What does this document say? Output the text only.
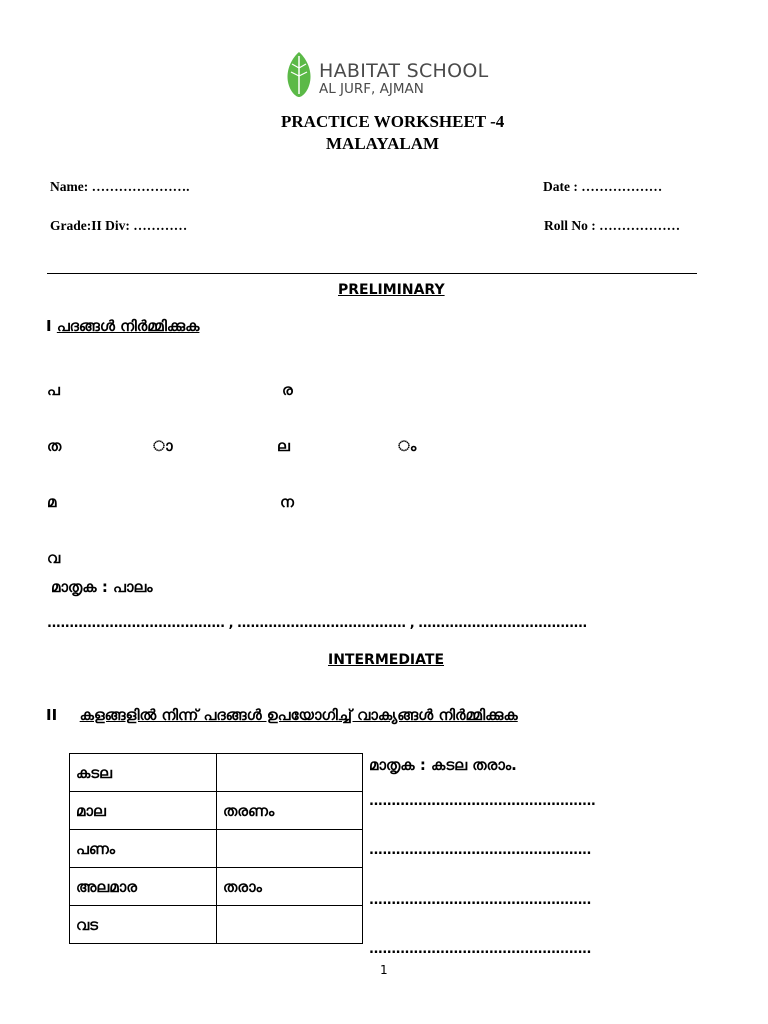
HABITAT SCHOOL
AL JURF, AJMAN
PRACTICE WORKSHEET -4
MALAYALAM
Name: ………………….	Date : ………………
Grade:II Div: …………	Roll No : ………………
PRELIMINARY
I പദങ്ങൾ നിർമ്മിക്കുക
പ	ര
ത	ാ	ല	ം
മ	ന
വ
മാതൃക : പാലം
........................................ , ...................................... , ......................................
INTERMEDIATE
II കളങ്ങളിൽ നിന്ന് പദങ്ങൾ ഉപയോഗിച്ച് വാക്യങ്ങൾ നിർമ്മിക്കുക
കടല	
മാല	തരണം
പണം	
അലമാര	തരാം
വട	
മാതൃക : കടല തരാം.
...................................................
..................................................
..................................................
..................................................
1
